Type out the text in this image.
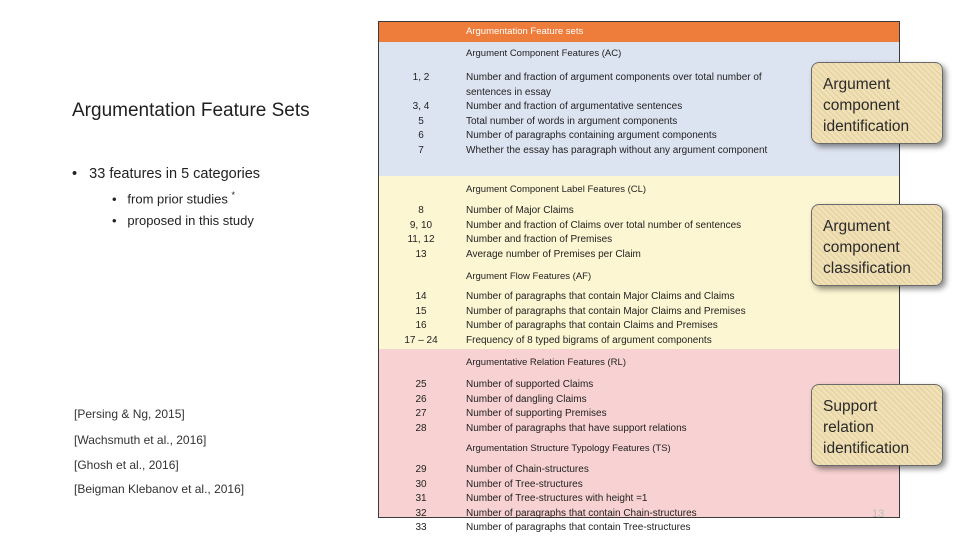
Argumentation Feature Sets
• 33 features in 5 categories
• from prior studies *
• proposed in this study
[Persing & Ng, 2015]
[Wachsmuth et al., 2016]
[Ghosh et al., 2016]
[Beigman Klebanov et al., 2016]
Argumentation Feature sets
Argument Component Features (AC)
1, 2
3, 4
5
6
7
Number and fraction of argument components over total number of
sentences in essay
Number and fraction of argumentative sentences
Total number of words in argument components
Number of paragraphs containing argument components
Whether the essay has paragraph without any argument component
Argument Component Label Features (CL)
8
9, 10
11, 12
13
Number of Major Claims
Number and fraction of Claims over total number of sentences
Number and fraction of Premises
Average number of Premises per Claim
Argument Flow Features (AF)
14
15
16
17 – 24
Number of paragraphs that contain Major Claims and Claims
Number of paragraphs that contain Major Claims and Premises
Number of paragraphs that contain Claims and Premises
Frequency of 8 typed bigrams of argument components
Argumentative Relation Features (RL)
25
26
27
28
Number of supported Claims
Number of dangling Claims
Number of supporting Premises
Number of paragraphs that have support relations
Argumentation Structure Typology Features (TS)
29
30
31
32
33
Number of Chain-structures
Number of Tree-structures
Number of Tree-structures with height =1
Number of paragraphs that contain Chain-structures
Number of paragraphs that contain Tree-structures
Argument
component
identification
Argument
component
classification
Support
relation
identification
13
